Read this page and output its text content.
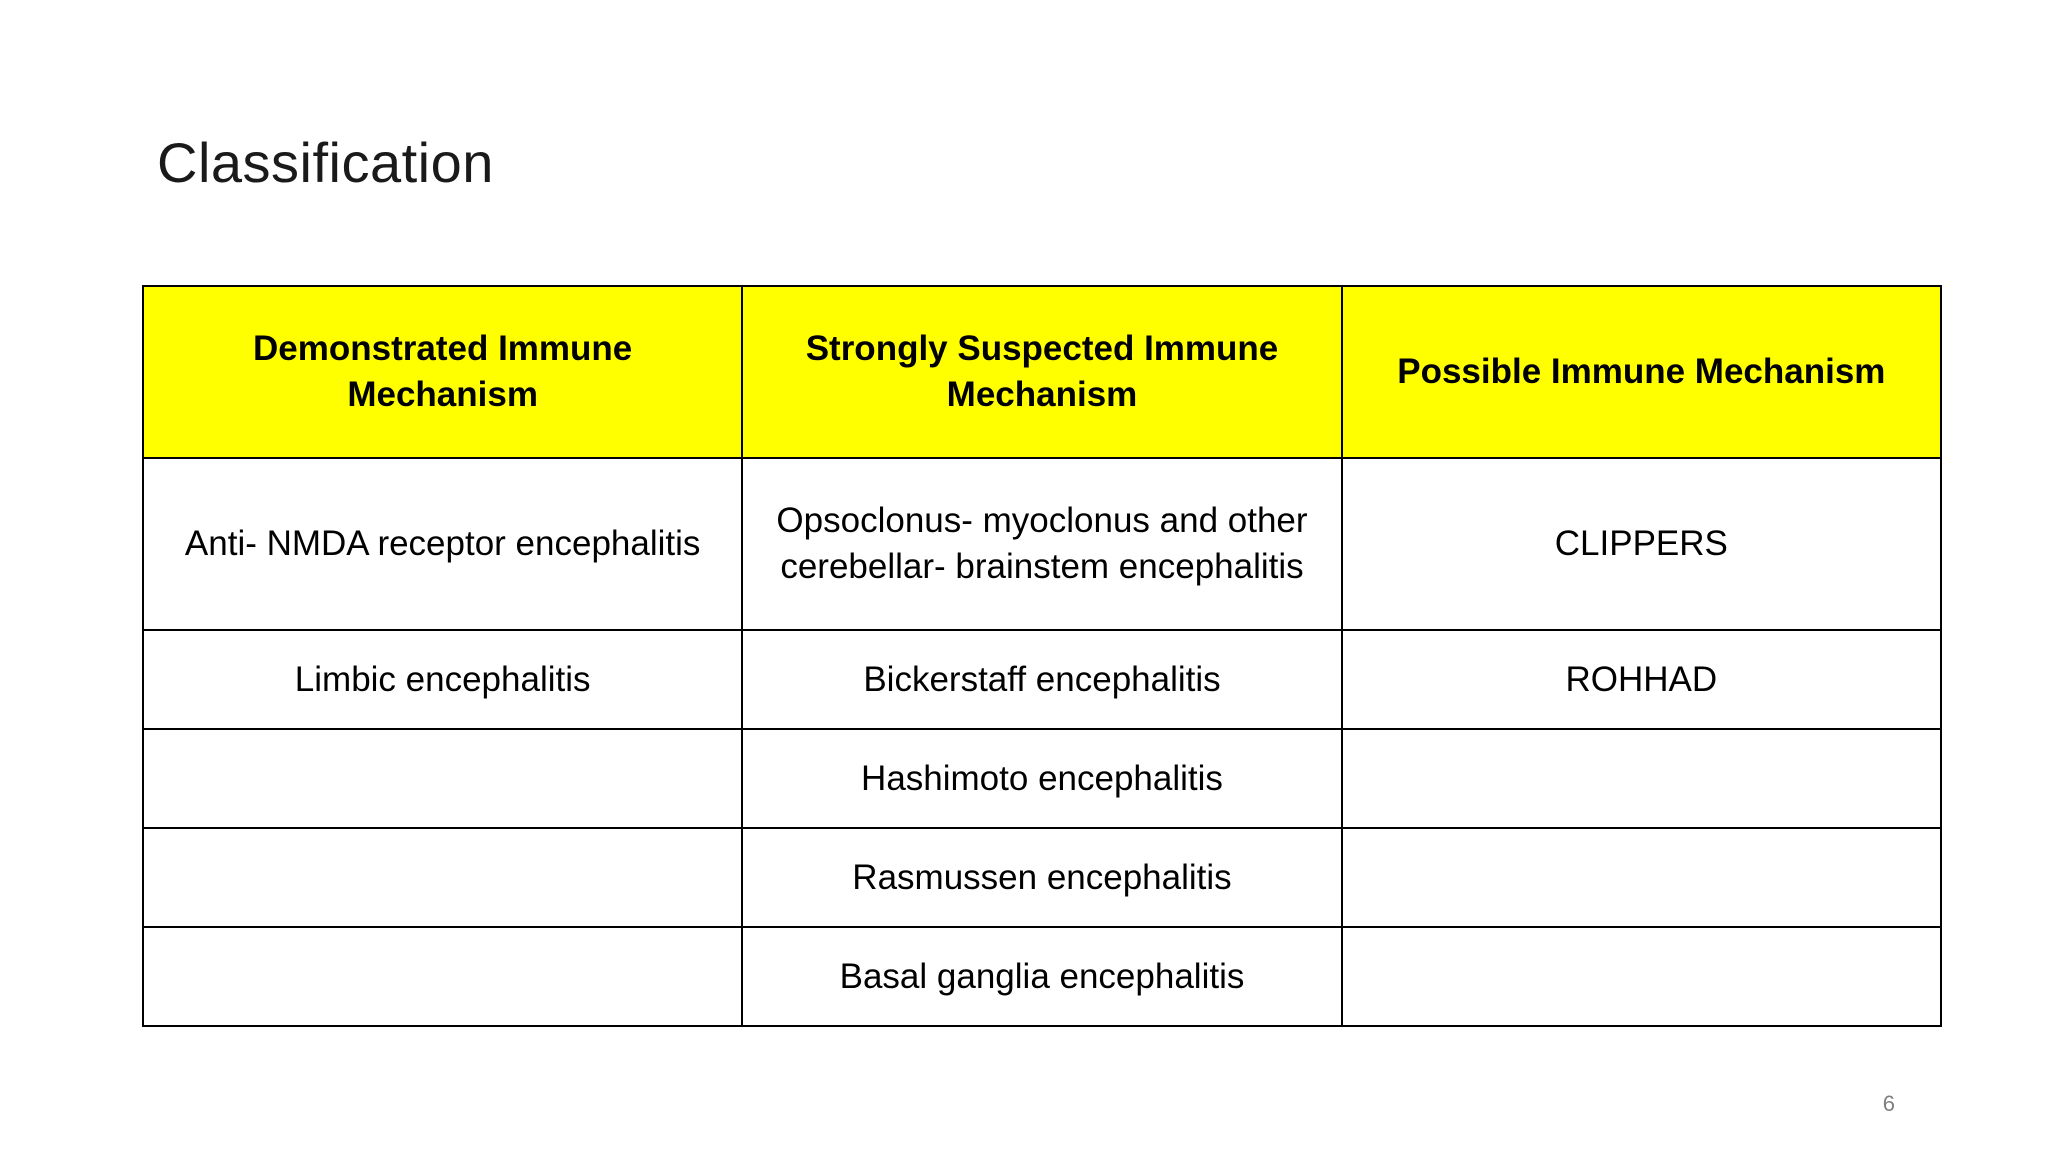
Classification
Demonstrated Immune Mechanism	Strongly Suspected Immune Mechanism	Possible Immune Mechanism
Anti- NMDA receptor encephalitis	Opsoclonus- myoclonus and other cerebellar- brainstem encephalitis	CLIPPERS
Limbic encephalitis	Bickerstaff encephalitis	ROHHAD
	Hashimoto encephalitis	
	Rasmussen encephalitis	
	Basal ganglia encephalitis	
6
